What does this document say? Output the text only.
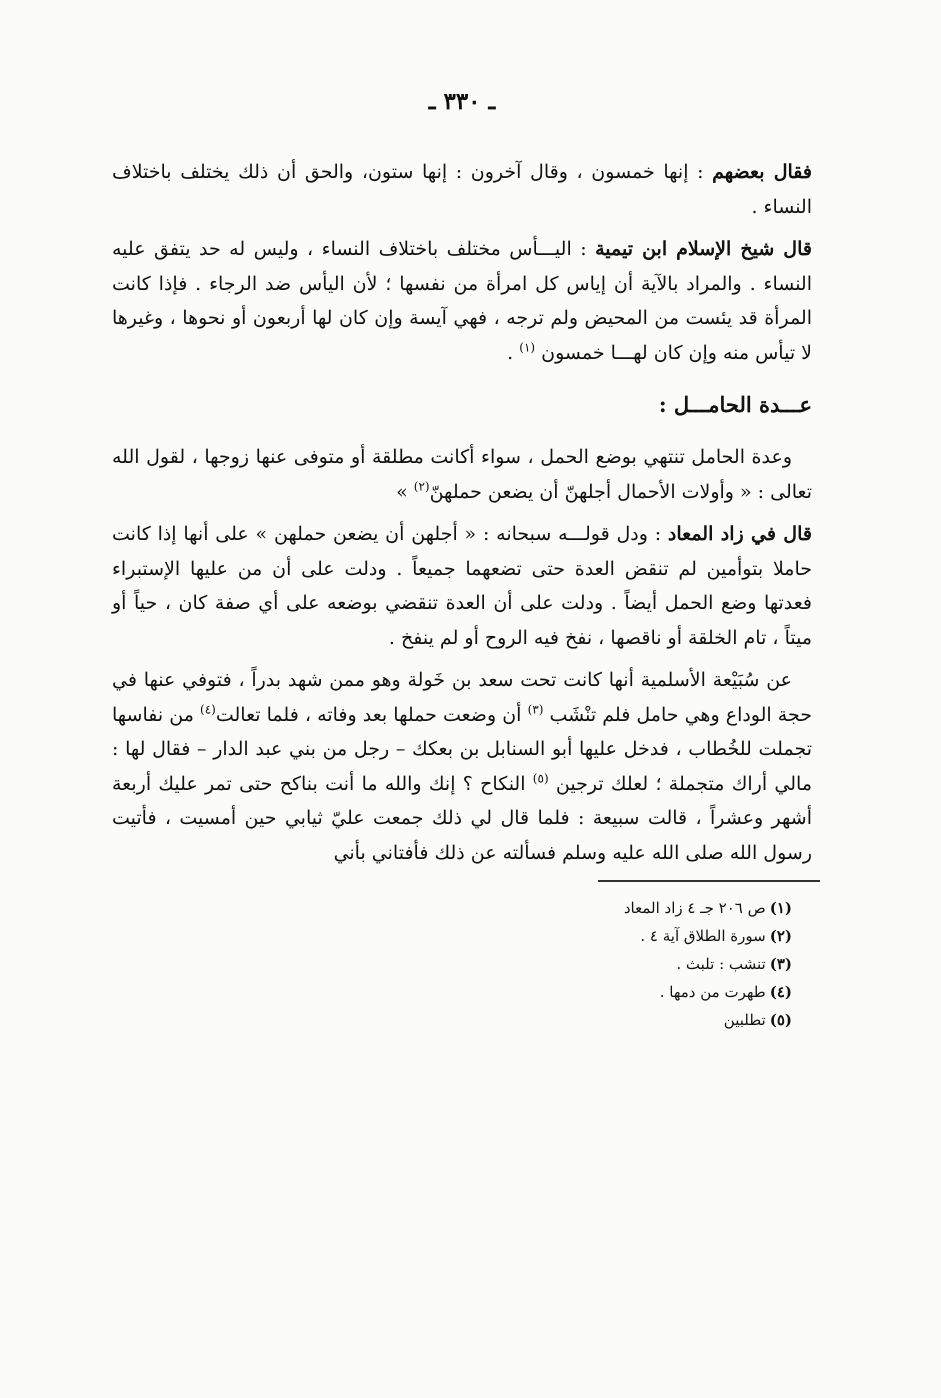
ـ ٣٣٠ ـ

فقال بعضهم : إنها خمسون ، وقال آخرون : إنها ستون، والحق أن ذلك يختلف باختلاف النساء .

قال شيخ الإسلام ابن تيمية : اليـــأس مختلف باختلاف النساء ، وليس له حد يتفق عليه النساء . والمراد بالآية أن إياس كل امرأة من نفسها ؛ لأن اليأس ضد الرجاء . فإذا كانت المرأة قد يئست من المحيض ولم ترجه ، فهي آيسة وإن كان لها أربعون أو نحوها ، وغيرها لا تيأس منه وإن كان لهـــا خمسون $^{(١)}$ .

عـــدة الحامـــل :

وعدة الحامل تنتهي بوضع الحمل ، سواء أكانت مطلقة أو متوفى عنها زوجها ، لقول الله تعالى : « وأولات الأحمال أجلهنّ أن يضعن حملهنّ$^{(٢)}$ »

قال في زاد المعاد : ودل قولـــه سبحانه : « أجلهن أن يضعن حملهن » على أنها إذا كانت حاملا بتوأمين لم تنقض العدة حتى تضعهما جميعاً . ودلت على أن من عليها الإستبراء فعدتها وضع الحمل أيضاً . ودلت على أن العدة تنقضي بوضعه على أي صفة كان ، حياً أو ميتاً ، تام الخلقة أو ناقصها ، نفخ فيه الروح أو لم ينفخ .

عن سُبَيْعة الأسلمية أنها كانت تحت سعد بن خَولة وهو ممن شهد بدراً ، فتوفي عنها في حجة الوداع وهي حامل فلم تنْشَب $^{(٣)}$ أن وضعت حملها بعد وفاته ، فلما تعالت$^{(٤)}$ من نفاسها تجملت للخُطاب ، فدخل عليها أبو السنابل بن بعكك – رجل من بني عبد الدار – فقال لها : مالي أراك متجملة ؛ لعلك ترجين $^{(٥)}$ النكاح ؟ إنك والله ما أنت بناكح حتى تمر عليك أربعة أشهر وعشراً ، قالت سبيعة : فلما قال لي ذلك جمعت عليّ ثيابي حين أمسيت ، فأتيت رسول الله صلى الله عليه وسلم فسألته عن ذلك فأفتاني بأني

(١)ص ٢٠٦ جـ ٤ زاد المعاد
(٢)سورة الطلاق آية ٤ .
(٣)تنشب : تلبث .
(٤)طهرت من دمها .
(٥)تطلبين
